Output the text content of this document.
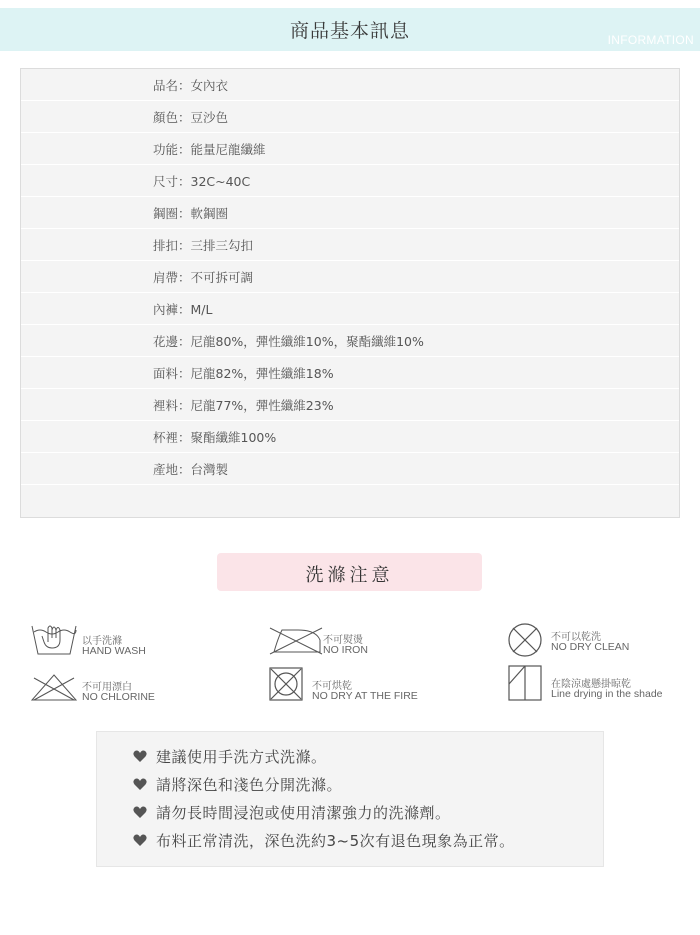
商品基本訊息	INFORMATION
品名：女內衣
顏色：豆沙色
功能：能量尼龍纖維
尺寸：32C~40C
鋼圈：軟鋼圈
排扣：三排三勾扣
肩帶：不可拆可調
內褲：M/L
花邊：尼龍80%，彈性纖維10%，聚酯纖維10%
面料：尼龍82%，彈性纖維18%
裡料：尼龍77%，彈性纖維23%
杯裡：聚酯纖維100%
產地：台灣製
洗滌注意
以手洗滌
HAND WASH
不可熨燙
NO IRON
不可以乾洗
NO DRY CLEAN
不可用漂白
NO CHLORINE
不可烘乾
NO DRY AT THE FIRE
在陰涼處懸掛晾乾
Line drying in the shade
建議使用手洗方式洗滌。
請將深色和淺色分開洗滌。
請勿長時間浸泡或使用清潔強力的洗滌劑。
布料正常清洗，深色洗約3~5次有退色現象為正常。
